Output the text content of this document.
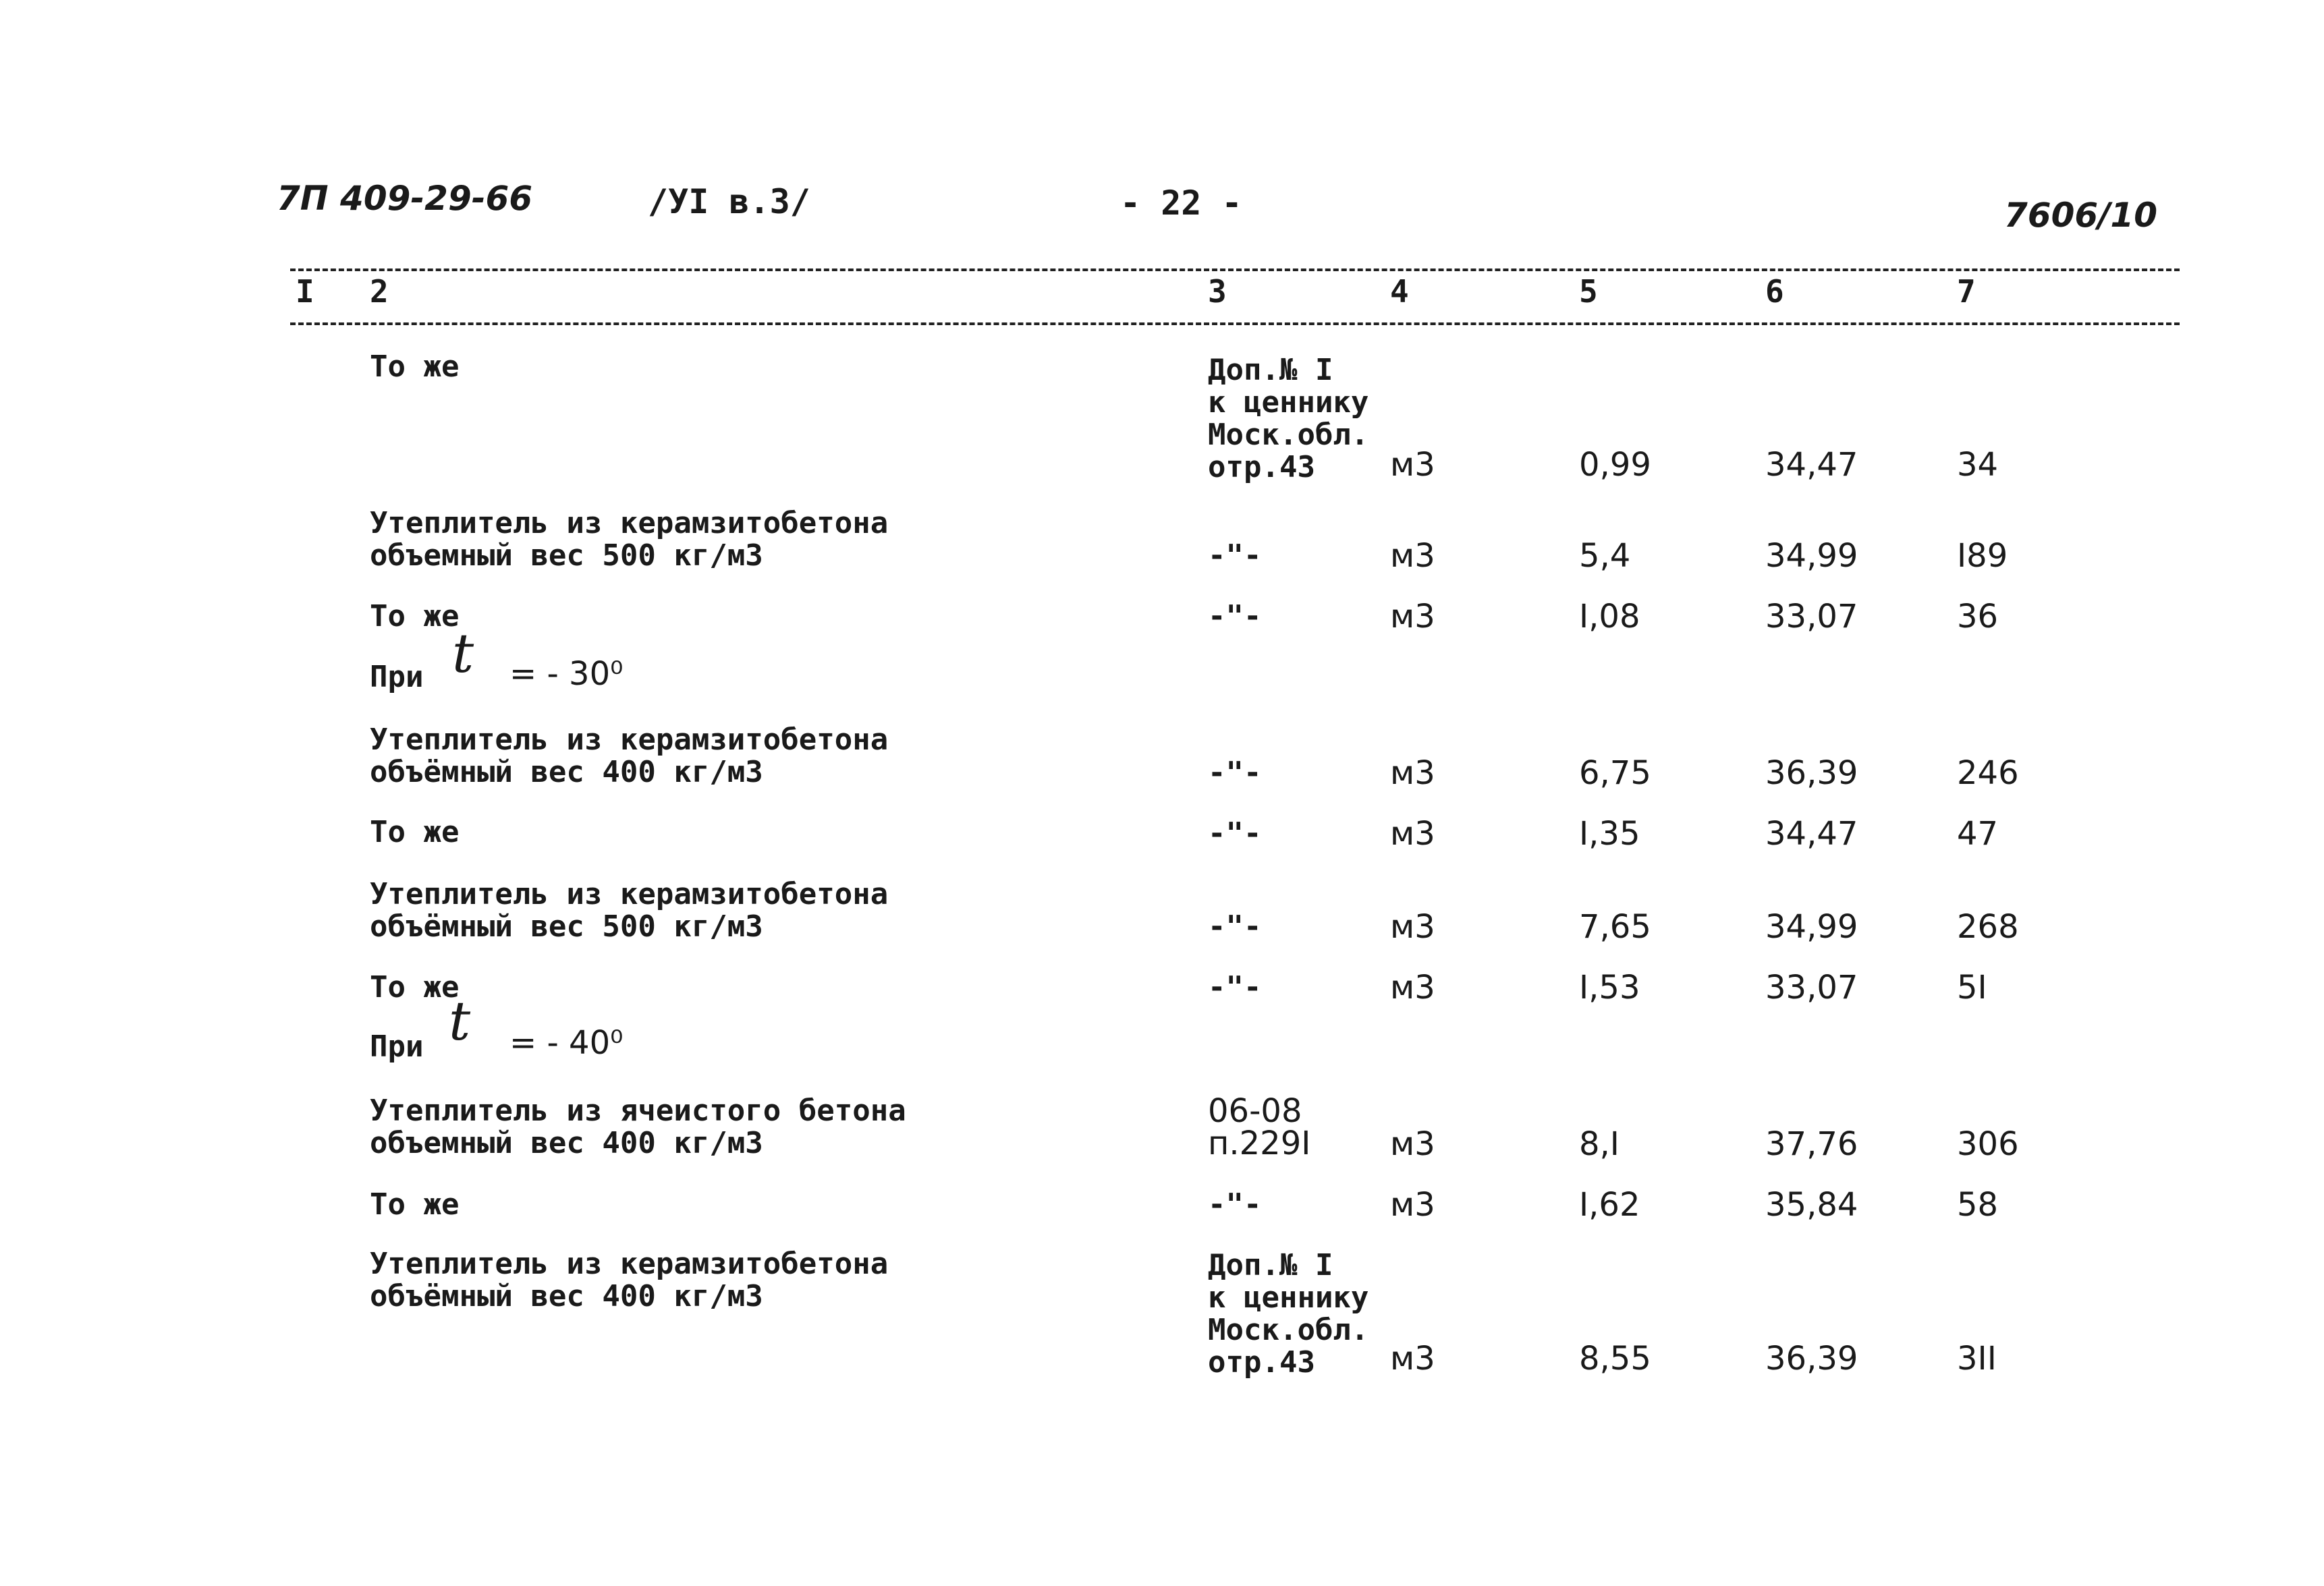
7П 409-29-66	/УI в.3/	- 22 -	7606/10
I 2	3	4	5	6	7
То же	Доп.№ I
к ценнику
Моск.обл.
отр.43	м3	0,99	34,47	34
Утеплитель из керамзитобетона
объемный вес 500 кг/м3	-"-	м3	5,4	34,99	I89
То же	-"-	м3	I,08	33,07	36
При t = - 30⁰
Утеплитель из керамзитобетона
объёмный вес 400 кг/м3	-"-	м3	6,75	36,39	246
То же	-"-	м3	I,35	34,47	47
Утеплитель из керамзитобетона
объёмный вес 500 кг/м3	-"-	м3	7,65	34,99	268
То же	-"-	м3	I,53	33,07	5I
При t = - 40⁰
Утеплитель из ячеистого бетона
объемный вес 400 кг/м3
06-08
п.229I м3	8,I	37,76	306
То же	-"-	м3	I,62	35,84	58
Утеплитель из керамзитобетона
объёмный вес 400 кг/м3
Доп.№ I
к ценнику
Моск.обл.
отр.43	м3	8,55	36,39	3II
